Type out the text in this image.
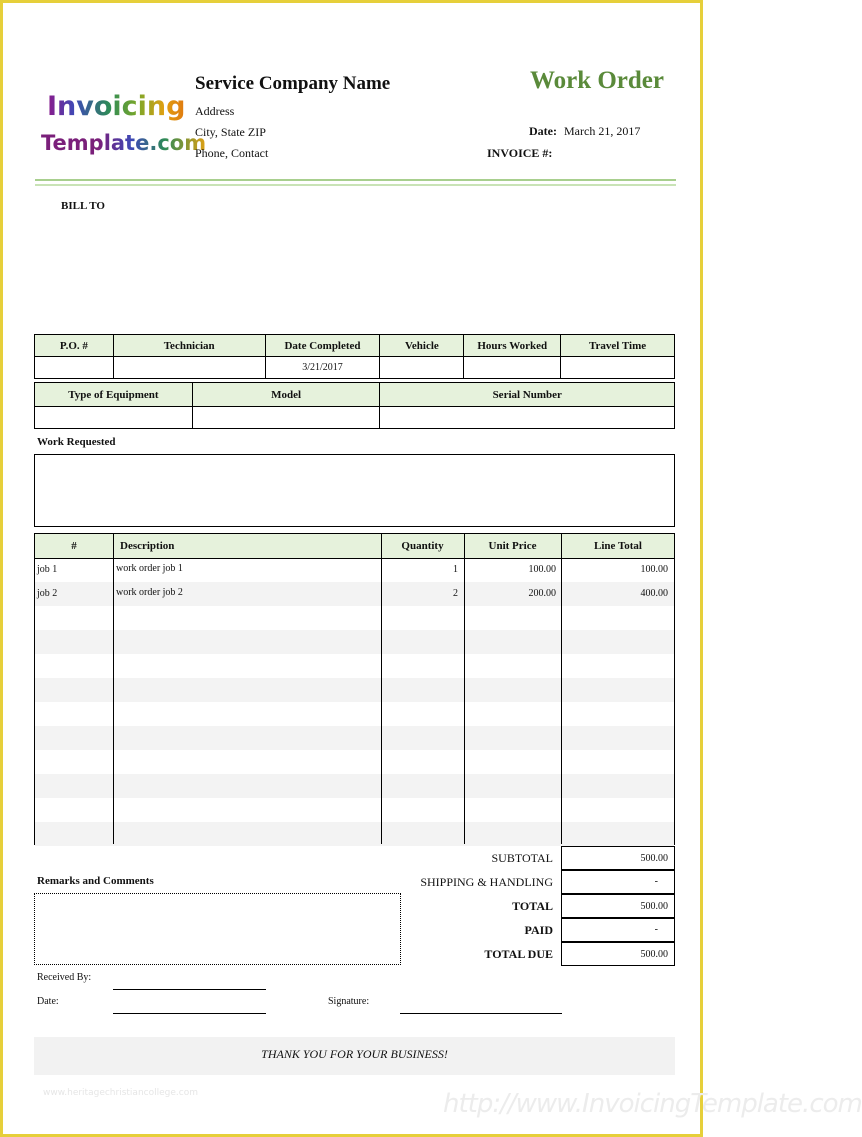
Invoicing
Template.com
Service Company Name
Address
City, State ZIP
Phone, Contact
Work Order
Date: March 21, 2017
INVOICE #:
BILL TO
P.O. #	Technician	Date Completed	Vehicle	Hours Worked	Travel Time
		3/21/2017			
Type of Equipment	Model	Serial Number

Work Requested
#	Description	Quantity	Unit Price	Line Total
job 1	work order job 1	1	100.00	100.00
job 2	work order job 2	2	200.00	400.00
SUBTOTAL	500.00
SHIPPING & HANDLING	-
TOTAL	500.00
PAID	-
TOTAL DUE	500.00
Remarks and Comments
Received By:
Date:	Signature:
THANK YOU FOR YOUR BUSINESS!
www.heritagechristiancollege.com	http://www.InvoicingTemplate.com
